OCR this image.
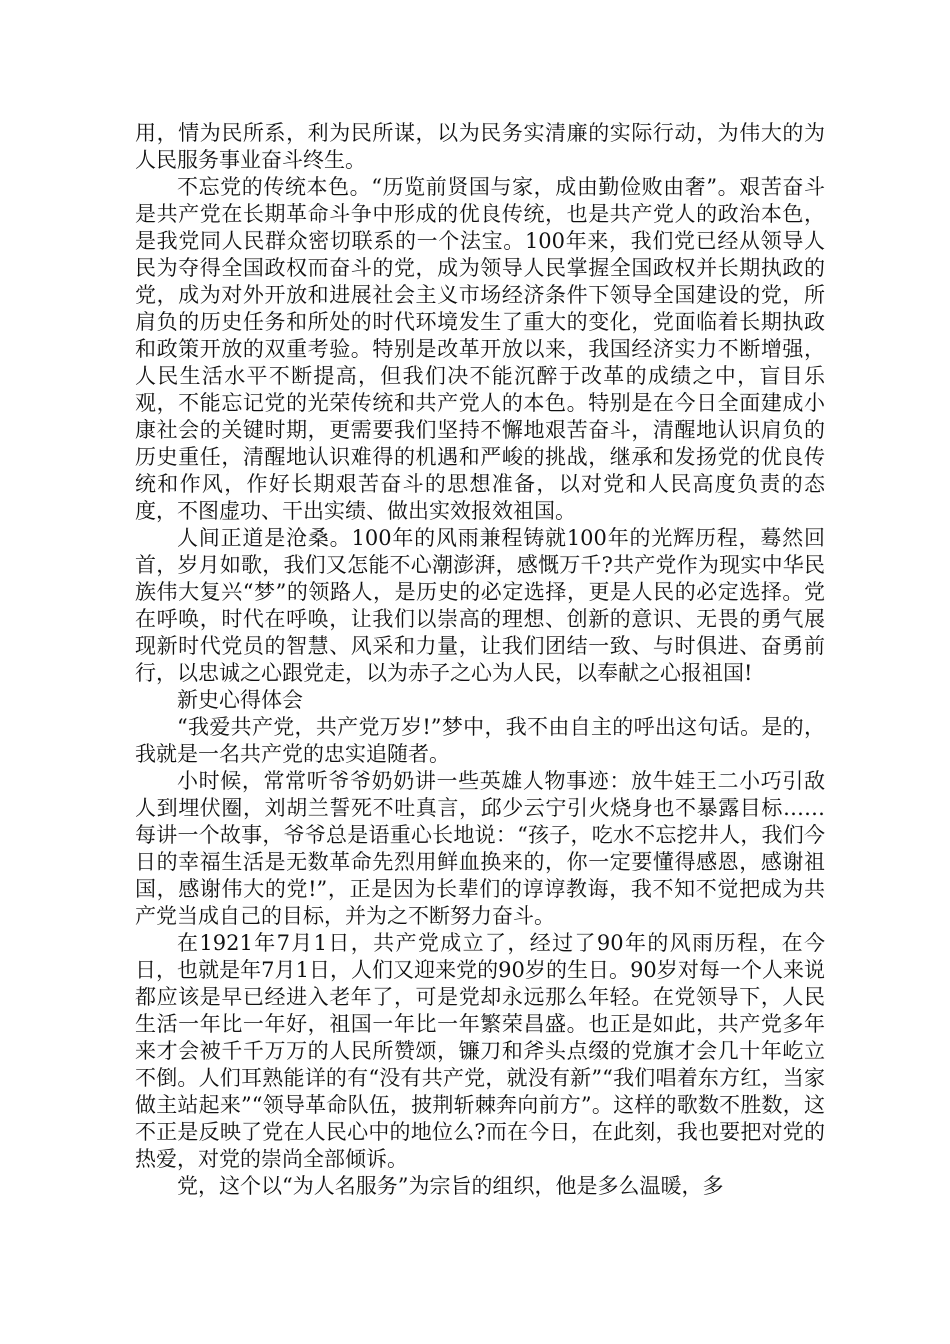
用，情为民所系，利为民所谋，以为民务实清廉的实际行动，为伟大的为人民服务事业奋斗终生。

不忘党的传统本色。“历览前贤国与家，成由勤俭败由奢”。艰苦奋斗是共产党在长期革命斗争中形成的优良传统，也是共产党人的政治本色，是我党同人民群众密切联系的一个法宝。100年来，我们党已经从领导人民为夺得全国政权而奋斗的党，成为领导人民掌握全国政权并长期执政的党，成为对外开放和进展社会主义市场经济条件下领导全国建设的党，所肩负的历史任务和所处的时代环境发生了重大的变化，党面临着长期执政和政策开放的双重考验。特别是改革开放以来，我国经济实力不断增强，人民生活水平不断提高，但我们决不能沉醉于改革的成绩之中，盲目乐观，不能忘记党的光荣传统和共产党人的本色。特别是在今日全面建成小康社会的关键时期，更需要我们坚持不懈地艰苦奋斗，清醒地认识肩负的历史重任，清醒地认识难得的机遇和严峻的挑战，继承和发扬党的优良传统和作风，作好长期艰苦奋斗的思想准备，以对党和人民高度负责的态度，不图虚功、干出实绩、做出实效报效祖国。

人间正道是沧桑。100年的风雨兼程铸就100年的光辉历程，蓦然回首，岁月如歌，我们又怎能不心潮澎湃，感慨万千?共产党作为现实中华民族伟大复兴“梦”的领路人，是历史的必定选择，更是人民的必定选择。党在呼唤，时代在呼唤，让我们以崇高的理想、创新的意识、无畏的勇气展现新时代党员的智慧、风采和力量，让我们团结一致、与时俱进、奋勇前行，以忠诚之心跟党走，以为赤子之心为人民，以奉献之心报祖国!

新史心得体会

“我爱共产党，共产党万岁!”梦中，我不由自主的呼出这句话。是的，我就是一名共产党的忠实追随者。

小时候，常常听爷爷奶奶讲一些英雄人物事迹：放牛娃王二小巧引敌人到埋伏圈，刘胡兰誓死不吐真言，邱少云宁引火烧身也不暴露目标……每讲一个故事，爷爷总是语重心长地说：“孩子，吃水不忘挖井人，我们今日的幸福生活是无数革命先烈用鲜血换来的，你一定要懂得感恩，感谢祖国，感谢伟大的党!”，正是因为长辈们的谆谆教诲，我不知不觉把成为共产党当成自己的目标，并为之不断努力奋斗。

在1921年7月1日，共产党成立了，经过了90年的风雨历程，在今日，也就是年7月1日，人们又迎来党的90岁的生日。90岁对每一个人来说都应该是早已经进入老年了，可是党却永远那么年轻。在党领导下，人民生活一年比一年好，祖国一年比一年繁荣昌盛。也正是如此，共产党多年来才会被千千万万的人民所赞颂，镰刀和斧头点缀的党旗才会几十年屹立不倒。人们耳熟能详的有“没有共产党，就没有新”“我们唱着东方红，当家做主站起来”“领导革命队伍，披荆斩棘奔向前方”。这样的歌数不胜数，这不正是反映了党在人民心中的地位么?而在今日，在此刻，我也要把对党的热爱，对党的崇尚全部倾诉。

党，这个以“为人名服务”为宗旨的组织，他是多么温暖，多
